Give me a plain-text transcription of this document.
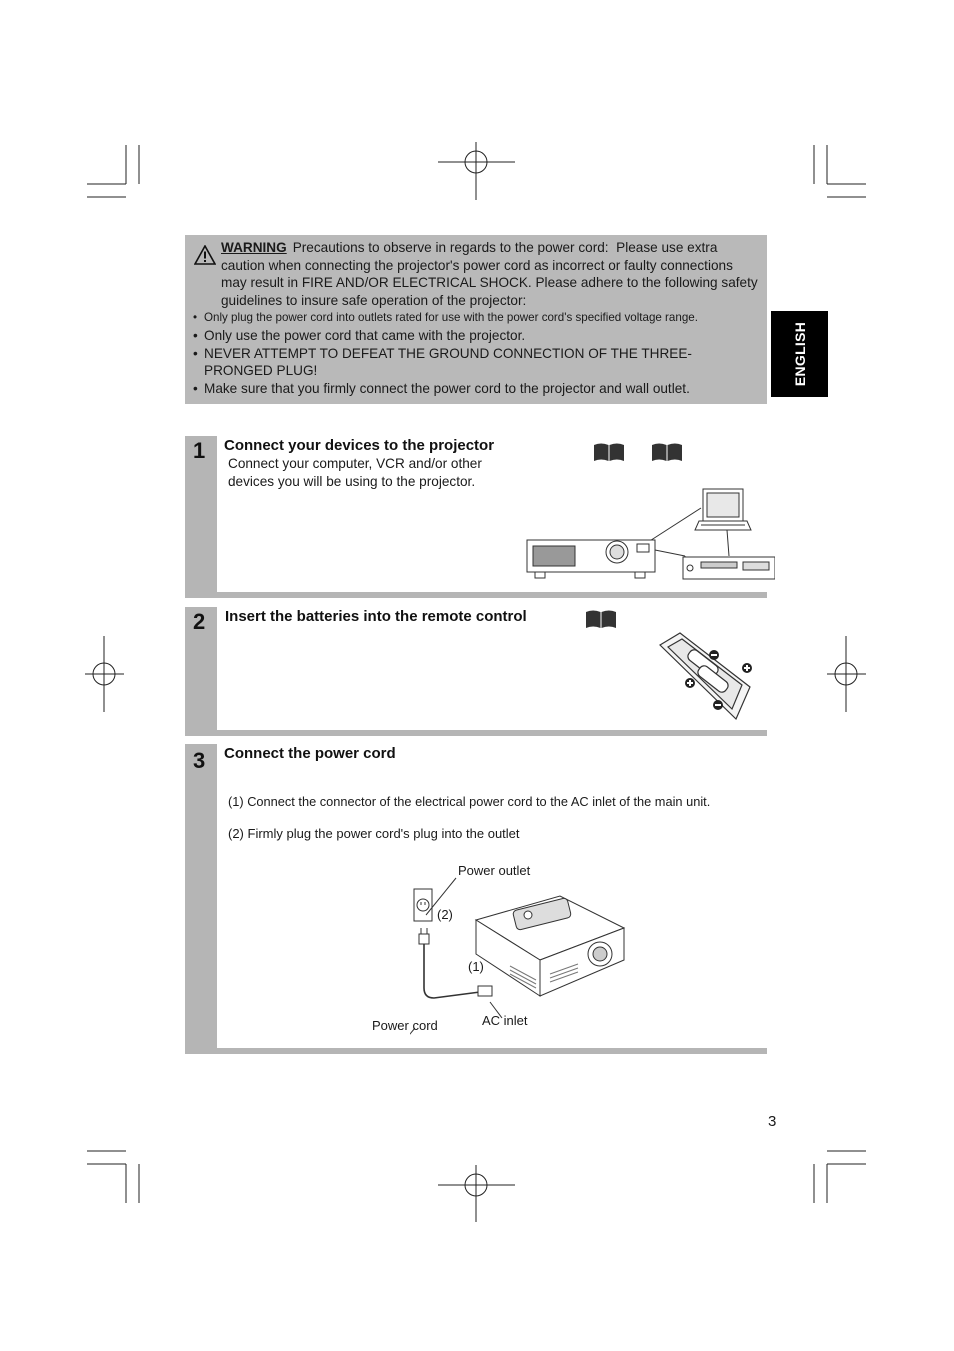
WARNING Precautions to observe in regards to the power cord: Please use extra caution when connecting the projector's power cord as incorrect or faulty connections may result in FIRE AND/OR ELECTRICAL SHOCK. Please adhere to the following safety guidelines to insure safe operation of the projector:
• Only plug the power cord into outlets rated for use with the power cord's specified voltage range.
• Only use the power cord that came with the projector.
• NEVER ATTEMPT TO DEFEAT THE GROUND CONNECTION OF THE THREE-PRONGED PLUG!
• Make sure that you firmly connect the power cord to the projector and wall outlet.
ENGLISH
1 Connect your devices to the projector
Connect your computer, VCR and/or other devices you will be using to the projector.
2 Insert the batteries into the remote control
3 Connect the power cord
(1) Connect the connector of the electrical power cord to the AC inlet of the main unit.
(2) Firmly plug the power cord's plug into the outlet
Power outlet
(2)
(1)
Power cord	AC inlet
3
